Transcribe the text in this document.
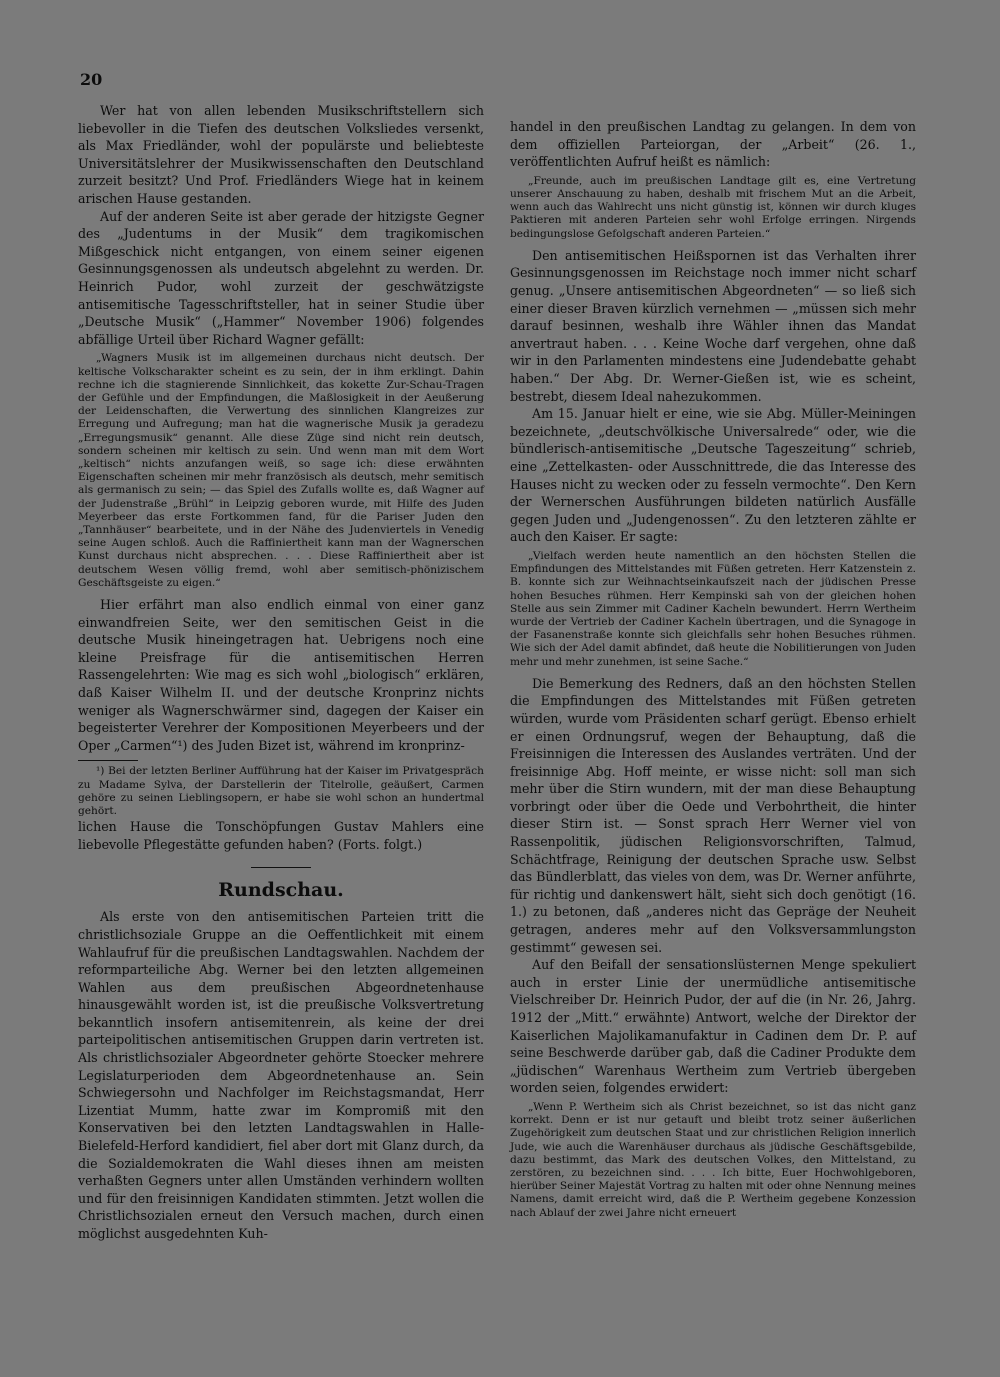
20

Wer hat von allen lebenden Musikschriftstellern sich liebevoller in die Tiefen des deutschen Volksliedes versenkt, als Max Friedländer, wohl der populärste und beliebteste Universitätslehrer der Musikwissenschaften den Deutschland zurzeit besitzt? Und Prof. Friedländers Wiege hat in keinem arischen Hause gestanden.

Auf der anderen Seite ist aber gerade der hitzigste Gegner des „Judentums in der Musik“ dem tragikomischen Mißgeschick nicht entgangen, von einem seiner eigenen Gesinnungsgenossen als undeutsch abgelehnt zu werden. Dr. Heinrich Pudor, wohl zurzeit der geschwätzigste antisemitische Tagesschriftsteller, hat in seiner Studie über „Deutsche Musik“ („Hammer“ November 1906) folgendes abfällige Urteil über Richard Wagner gefällt:

„Wagners Musik ist im allgemeinen durchaus nicht deutsch. Der keltische Volkscharakter scheint es zu sein, der in ihm erklingt. Dahin rechne ich die stagnierende Sinnlichkeit, das kokette Zur-Schau-Tragen der Gefühle und der Empfindungen, die Maßlosigkeit in der Aeußerung der Leidenschaften, die Verwertung des sinnlichen Klangreizes zur Erregung und Aufregung; man hat die wagnerische Musik ja geradezu „Erregungsmusik“ genannt. Alle diese Züge sind nicht rein deutsch, sondern scheinen mir keltisch zu sein. Und wenn man mit dem Wort „keltisch“ nichts anzufangen weiß, so sage ich: diese erwähnten Eigenschaften scheinen mir mehr französisch als deutsch, mehr semitisch als germanisch zu sein; — das Spiel des Zufalls wollte es, daß Wagner auf der Judenstraße „Brühl“ in Leipzig geboren wurde, mit Hilfe des Juden Meyerbeer das erste Fortkommen fand, für die Pariser Juden den „Tannhäuser“ bearbeitete, und in der Nähe des Judenviertels in Venedig seine Augen schloß. Auch die Raffiniertheit kann man der Wagnerschen Kunst durchaus nicht absprechen. . . . Diese Raffiniertheit aber ist deutschem Wesen völlig fremd, wohl aber semitisch-phönizischem Geschäftsgeiste zu eigen.“

Hier erfährt man also endlich einmal von einer ganz einwandfreien Seite, wer den semitischen Geist in die deutsche Musik hineingetragen hat. Uebrigens noch eine kleine Preisfrage für die antisemitischen Herren Rassengelehrten: Wie mag es sich wohl „biologisch“ erklären, daß Kaiser Wilhelm II. und der deutsche Kronprinz nichts weniger als Wagnerschwärmer sind, dagegen der Kaiser ein begeisterter Verehrer der Kompositionen Meyerbeers und der Oper „Carmen“¹) des Juden Bizet ist, während im kronprinz-

¹) Bei der letzten Berliner Aufführung hat der Kaiser im Privatgespräch zu Madame Sylva, der Darstellerin der Titelrolle, geäußert, Carmen gehöre zu seinen Lieblingsopern, er habe sie wohl schon an hundertmal gehört.

lichen Hause die Tonschöpfungen Gustav Mahlers eine liebevolle Pflegestätte gefunden haben? (Forts. folgt.)

Rundschau.

Als erste von den antisemitischen Parteien tritt die christlichsoziale Gruppe an die Oeffentlichkeit mit einem Wahlaufruf für die preußischen Landtagswahlen. Nachdem der reformparteiliche Abg. Werner bei den letzten allgemeinen Wahlen aus dem preußischen Abgeordnetenhause hinausgewählt worden ist, ist die preußische Volksvertretung bekanntlich insofern antisemitenrein, als keine der drei parteipolitischen antisemitischen Gruppen darin vertreten ist. Als christlichsozialer Abgeordneter gehörte Stoecker mehrere Legislaturperioden dem Abgeordnetenhause an. Sein Schwiegersohn und Nachfolger im Reichstagsmandat, Herr Lizentiat Mumm, hatte zwar im Kompromiß mit den Konservativen bei den letzten Landtagswahlen in Halle-Bielefeld-Herford kandidiert, fiel aber dort mit Glanz durch, da die Sozialdemokraten die Wahl dieses ihnen am meisten verhaßten Gegners unter allen Umständen verhindern wollten und für den freisinnigen Kandidaten stimmten. Jetzt wollen die Christlichsozialen erneut den Versuch machen, durch einen möglichst ausgedehnten Kuh-

handel in den preußischen Landtag zu gelangen. In dem von dem offiziellen Parteiorgan, der „Arbeit“ (26. 1., veröffentlichten Aufruf heißt es nämlich:

„Freunde, auch im preußischen Landtage gilt es, eine Vertretung unserer Anschauung zu haben, deshalb mit frischem Mut an die Arbeit, wenn auch das Wahlrecht uns nicht günstig ist, können wir durch kluges Paktieren mit anderen Parteien sehr wohl Erfolge erringen. Nirgends bedingungslose Gefolgschaft anderen Parteien.“

Den antisemitischen Heißspornen ist das Verhalten ihrer Gesinnungsgenossen im Reichstage noch immer nicht scharf genug. „Unsere antisemitischen Abgeordneten“ — so ließ sich einer dieser Braven kürzlich vernehmen — „müssen sich mehr darauf besinnen, weshalb ihre Wähler ihnen das Mandat anvertraut haben. . . . Keine Woche darf vergehen, ohne daß wir in den Parlamenten mindestens eine Judendebatte gehabt haben.“ Der Abg. Dr. Werner-Gießen ist, wie es scheint, bestrebt, diesem Ideal nahezukommen.

Am 15. Januar hielt er eine, wie sie Abg. Müller-Meiningen bezeichnete, „deutschvölkische Universalrede“ oder, wie die bündlerisch-antisemitische „Deutsche Tageszeitung“ schrieb, eine „Zettelkasten- oder Ausschnittrede, die das Interesse des Hauses nicht zu wecken oder zu fesseln vermochte“. Den Kern der Wernerschen Ausführungen bildeten natürlich Ausfälle gegen Juden und „Judengenossen“. Zu den letzteren zählte er auch den Kaiser. Er sagte:

„Vielfach werden heute namentlich an den höchsten Stellen die Empfindungen des Mittelstandes mit Füßen getreten. Herr Katzenstein z. B. konnte sich zur Weihnachtseinkaufszeit nach der jüdischen Presse hohen Besuches rühmen. Herr Kempinski sah von der gleichen hohen Stelle aus sein Zimmer mit Cadiner Kacheln bewundert. Herrn Wertheim wurde der Vertrieb der Cadiner Kacheln übertragen, und die Synagoge in der Fasanenstraße konnte sich gleichfalls sehr hohen Besuches rühmen. Wie sich der Adel damit abfindet, daß heute die Nobilitierungen von Juden mehr und mehr zunehmen, ist seine Sache.“

Die Bemerkung des Redners, daß an den höchsten Stellen die Empfindungen des Mittelstandes mit Füßen getreten würden, wurde vom Präsidenten scharf gerügt. Ebenso erhielt er einen Ordnungsruf, wegen der Behauptung, daß die Freisinnigen die Interessen des Auslandes verträten. Und der freisinnige Abg. Hoff meinte, er wisse nicht: soll man sich mehr über die Stirn wundern, mit der man diese Behauptung vorbringt oder über die Oede und Verbohrtheit, die hinter dieser Stirn ist. — Sonst sprach Herr Werner viel von Rassenpolitik, jüdischen Religionsvorschriften, Talmud, Schächtfrage, Reinigung der deutschen Sprache usw. Selbst das Bündlerblatt, das vieles von dem, was Dr. Werner anführte, für richtig und dankenswert hält, sieht sich doch genötigt (16. 1.) zu betonen, daß „anderes nicht das Gepräge der Neuheit getragen, anderes mehr auf den Volksversammlungston gestimmt“ gewesen sei.

Auf den Beifall der sensationslüsternen Menge spekuliert auch in erster Linie der unermüdliche antisemitische Vielschreiber Dr. Heinrich Pudor, der auf die (in Nr. 26, Jahrg. 1912 der „Mitt.“ erwähnte) Antwort, welche der Direktor der Kaiserlichen Majolikamanufaktur in Cadinen dem Dr. P. auf seine Beschwerde darüber gab, daß die Cadiner Produkte dem „jüdischen“ Warenhaus Wertheim zum Vertrieb übergeben worden seien, folgendes erwidert:

„Wenn P. Wertheim sich als Christ bezeichnet, so ist das nicht ganz korrekt. Denn er ist nur getauft und bleibt trotz seiner äußerlichen Zugehörigkeit zum deutschen Staat und zur christlichen Religion innerlich Jude, wie auch die Warenhäuser durchaus als jüdische Geschäftsgebilde, dazu bestimmt, das Mark des deutschen Volkes, den Mittelstand, zu zerstören, zu bezeichnen sind. . . . Ich bitte, Euer Hochwohlgeboren, hierüber Seiner Majestät Vortrag zu halten mit oder ohne Nennung meines Namens, damit erreicht wird, daß die P. Wertheim gegebene Konzession nach Ablauf der zwei Jahre nicht erneuert
